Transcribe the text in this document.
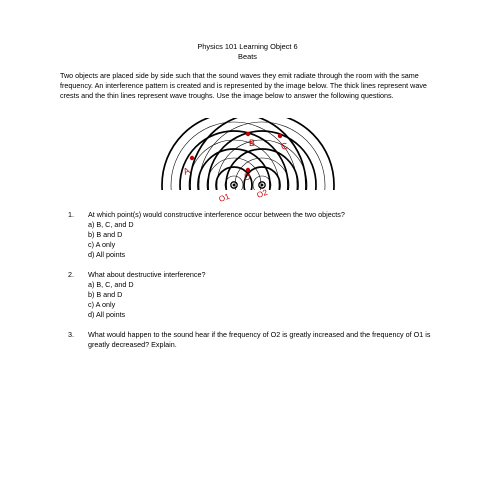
Physics 101 Learning Object 6
Beats

Two objects are placed side by side such that the sound waves they emit radiate through the room with the same frequency. An interference pattern is created and is represented by the image below. The thick lines represent wave crests and the thin lines represent wave troughs. Use the image below to answer the following questions.

A
B	C
D
O1	O2
1. At which point(s) would constructive interference occur between the two objects?
a) B, C, and D
b) B and D
c) A only
d) All points
2. What about destructive interference?
a) B, C, and D
b) B and D
c) A only
d) All points
3. What would happen to the sound hear if the frequency of O2 is greatly increased and the frequency of O1 is greatly decreased? Explain.
